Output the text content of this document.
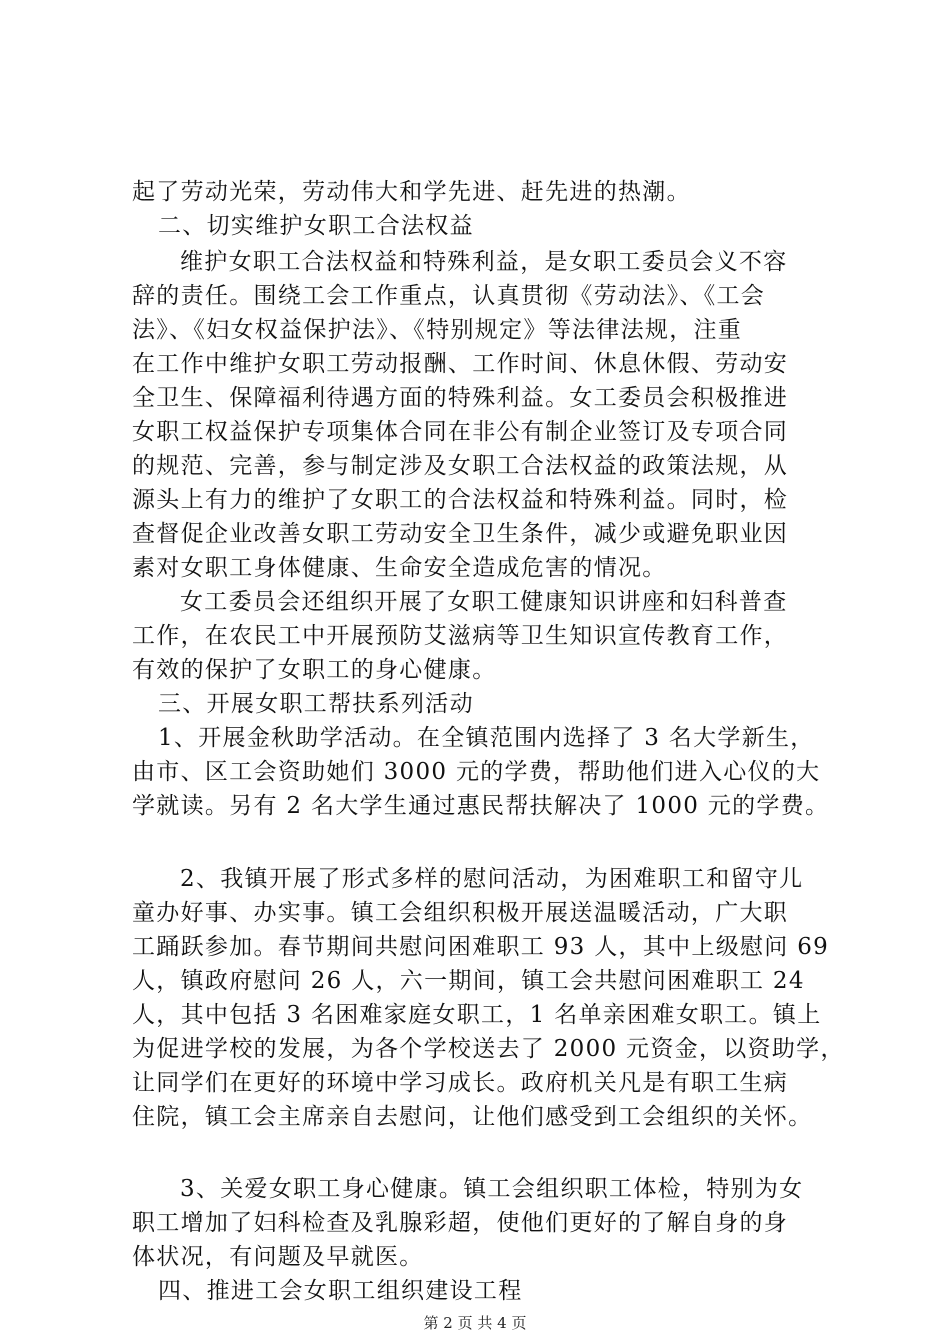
起了劳动光荣，劳动伟大和学先进、赶先进的热潮。
二、切实维护女职工合法权益
维护女职工合法权益和特殊利益，是女职工委员会义不容
辞的责任。围绕工会工作重点，认真贯彻《劳动法》、《工会
法》、《妇女权益保护法》、《特别规定》等法律法规，注重
在工作中维护女职工劳动报酬、工作时间、休息休假、劳动安
全卫生、保障福利待遇方面的特殊利益。女工委员会积极推进
女职工权益保护专项集体合同在非公有制企业签订及专项合同
的规范、完善，参与制定涉及女职工合法权益的政策法规，从
源头上有力的维护了女职工的合法权益和特殊利益。同时，检
查督促企业改善女职工劳动安全卫生条件，减少或避免职业因
素对女职工身体健康、生命安全造成危害的情况。
女工委员会还组织开展了女职工健康知识讲座和妇科普查
工作，在农民工中开展预防艾滋病等卫生知识宣传教育工作，
有效的保护了女职工的身心健康。
三、开展女职工帮扶系列活动
1、开展金秋助学活动。在全镇范围内选择了 3 名大学新生，
由市、区工会资助她们 3000 元的学费，帮助他们进入心仪的大
学就读。另有 2 名大学生通过惠民帮扶解决了 1000 元的学费。
2、我镇开展了形式多样的慰问活动，为困难职工和留守儿
童办好事、办实事。镇工会组织积极开展送温暖活动，广大职
工踊跃参加。春节期间共慰问困难职工 93 人，其中上级慰问 69
人，镇政府慰问 26 人，六一期间，镇工会共慰问困难职工 24
人，其中包括 3 名困难家庭女职工，1 名单亲困难女职工。镇上
为促进学校的发展，为各个学校送去了 2000 元资金，以资助学，
让同学们在更好的环境中学习成长。政府机关凡是有职工生病
住院，镇工会主席亲自去慰问，让他们感受到工会组织的关怀。
3、关爱女职工身心健康。镇工会组织职工体检，特别为女
职工增加了妇科检查及乳腺彩超，使他们更好的了解自身的身
体状况，有问题及早就医。
四、推进工会女职工组织建设工程
第 2 页 共 4 页
